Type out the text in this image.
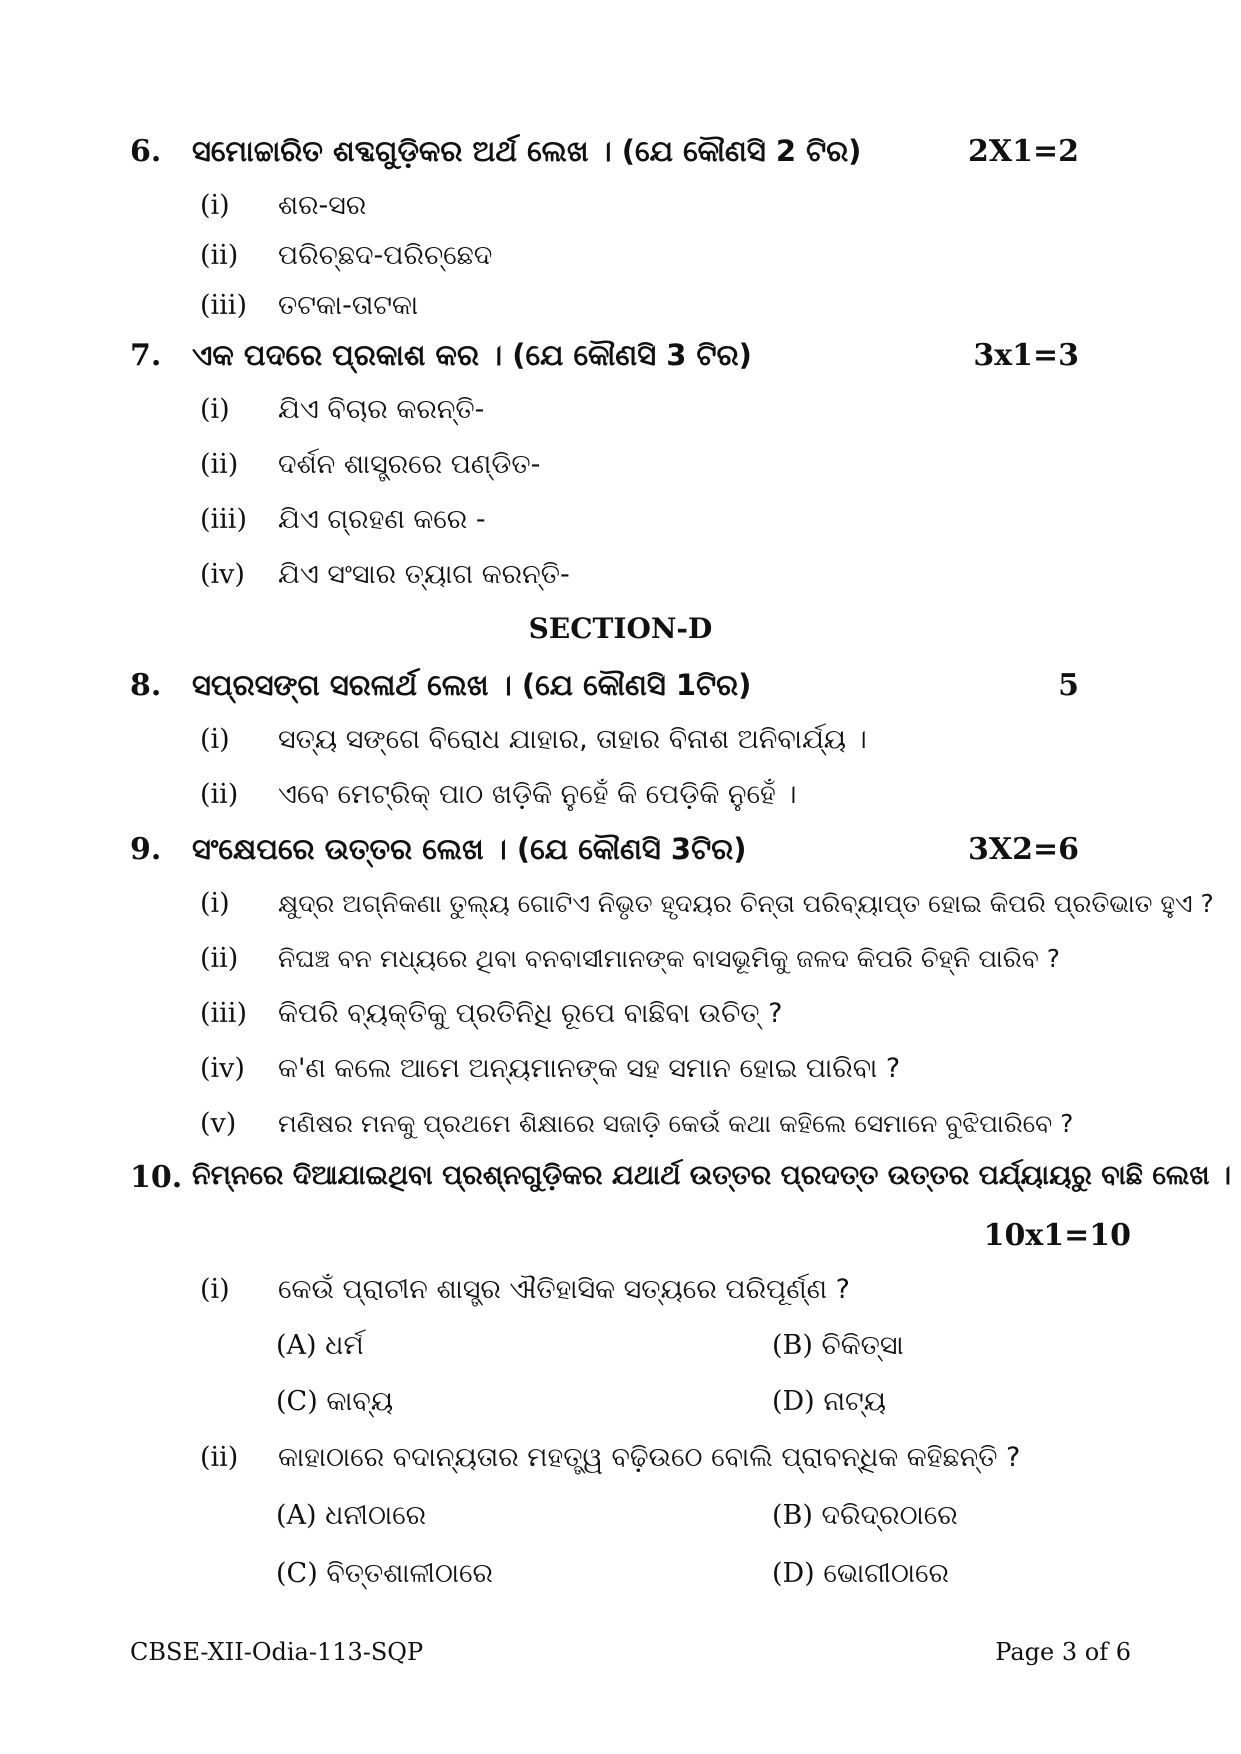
6. ସମୋଚ୍ଚାରିତ ଶବ୍ଦଗୁଡ଼ିକର ଅର୍ଥ ଲେଖ । (ଯେ କୌଣସି 2 ଟିର)	2X1=2
(i) ଶର-ସର
(ii) ପରିଚ୍ଛଦ-ପରିଚ୍ଛେଦ
(iii) ତଟକା-ତାଟକା
7. ଏକ ପଦରେ ପ୍ରକାଶ କର । (ଯେ କୌଣସି 3 ଟିର)	3x1=3
(i) ଯିଏ ବିଚାର କରନ୍ତି-
(ii) ଦର୍ଶନ ଶାସ୍ତ୍ରରେ ପଣ୍ଡିତ-
(iii) ଯିଏ ଗ୍ରହଣ କରେ -
(iv) ଯିଏ ସଂସାର ତ୍ୟାଗ କରନ୍ତି-
SECTION-D
8. ସପ୍ରସଙ୍ଗ ସରଳାର୍ଥ ଲେଖ । (ଯେ କୌଣସି 1ଟିର)	5
(i) ସତ୍ୟ ସଙ୍ଗେ ବିରୋଧ ଯାହାର, ତାହାର ବିନାଶ ଅନିବାର୍ଯ୍ୟ ।
(ii) ଏବେ ମେଟ୍ରିକ୍ ପାଠ ଖଡ଼ିକି ନୁହେଁ କି ପେଡ଼ିକି ନୁହେଁ ।
9. ସଂକ୍ଷେପରେ ଉତ୍ତର ଲେଖ । (ଯେ କୌଣସି 3ଟିର)	3X2=6
(i) କ୍ଷୁଦ୍ର ଅଗ୍ନିକଣା ତୁଲ୍ୟ ଗୋଟିଏ ନିଭୃତ ହୃଦୟର ଚିନ୍ତା ପରିବ୍ୟାପ୍ତ ହୋଇ କିପରି ପ୍ରତିଭାତ ହୁଏ ?
(ii) ନିଘଞ୍ଚ ବନ ମଧ୍ୟରେ ଥିବା ବନବାସୀମାନଙ୍କ ବାସଭୂମିକୁ ଜଳଦ କିପରି ଚିହ୍ନି ପାରିବ ?
(iii) କିପରି ବ୍ୟକ୍ତିକୁ ପ୍ରତିନିଧି ରୂପେ ବାଛିବା ଉଚିତ୍ ?
(iv) କ'ଣ କଲେ ଆମେ ଅନ୍ୟମାନଙ୍କ ସହ ସମାନ ହୋଇ ପାରିବା ?
(v) ମଣିଷର ମନକୁ ପ୍ରଥମେ ଶିକ୍ଷାରେ ସଜାଡ଼ି କେଉଁ କଥା କହିଲେ ସେମାନେ ବୁଝିପାରିବେ ?
10. ନିମ୍ନରେ ଦିଆଯାଇଥିବା ପ୍ରଶ୍ନଗୁଡ଼ିକର ଯଥାର୍ଥ ଉତ୍ତର ପ୍ରଦତ୍ତ ଉତ୍ତର ପର୍ଯ୍ୟାୟରୁ ବାଛି ଲେଖ ।
10x1=10
(i) କେଉଁ ପ୍ରାଚୀନ ଶାସ୍ତ୍ର ଐତିହାସିକ ସତ୍ୟରେ ପରିପୂର୍ଣ୍ଣ ?
(A) ଧର୍ମ	(B) ଚିକିତ୍ସା
(C) କାବ୍ୟ	(D) ନାଟ୍ୟ
(ii) କାହାଠାରେ ବଦାନ୍ୟତାର ମହତ୍ତ୍ୱ ବଢ଼ିଉଠେ ବୋଲି ପ୍ରାବନ୍ଧିକ କହିଛନ୍ତି ?
(A) ଧନୀଠାରେ	(B) ଦରିଦ୍ରଠାରେ
(C) ବିତ୍ତଶାଳୀଠାରେ	(D) ଭୋଗୀଠାରେ
CBSE-XII-Odia-113-SQP	Page 3 of 6
